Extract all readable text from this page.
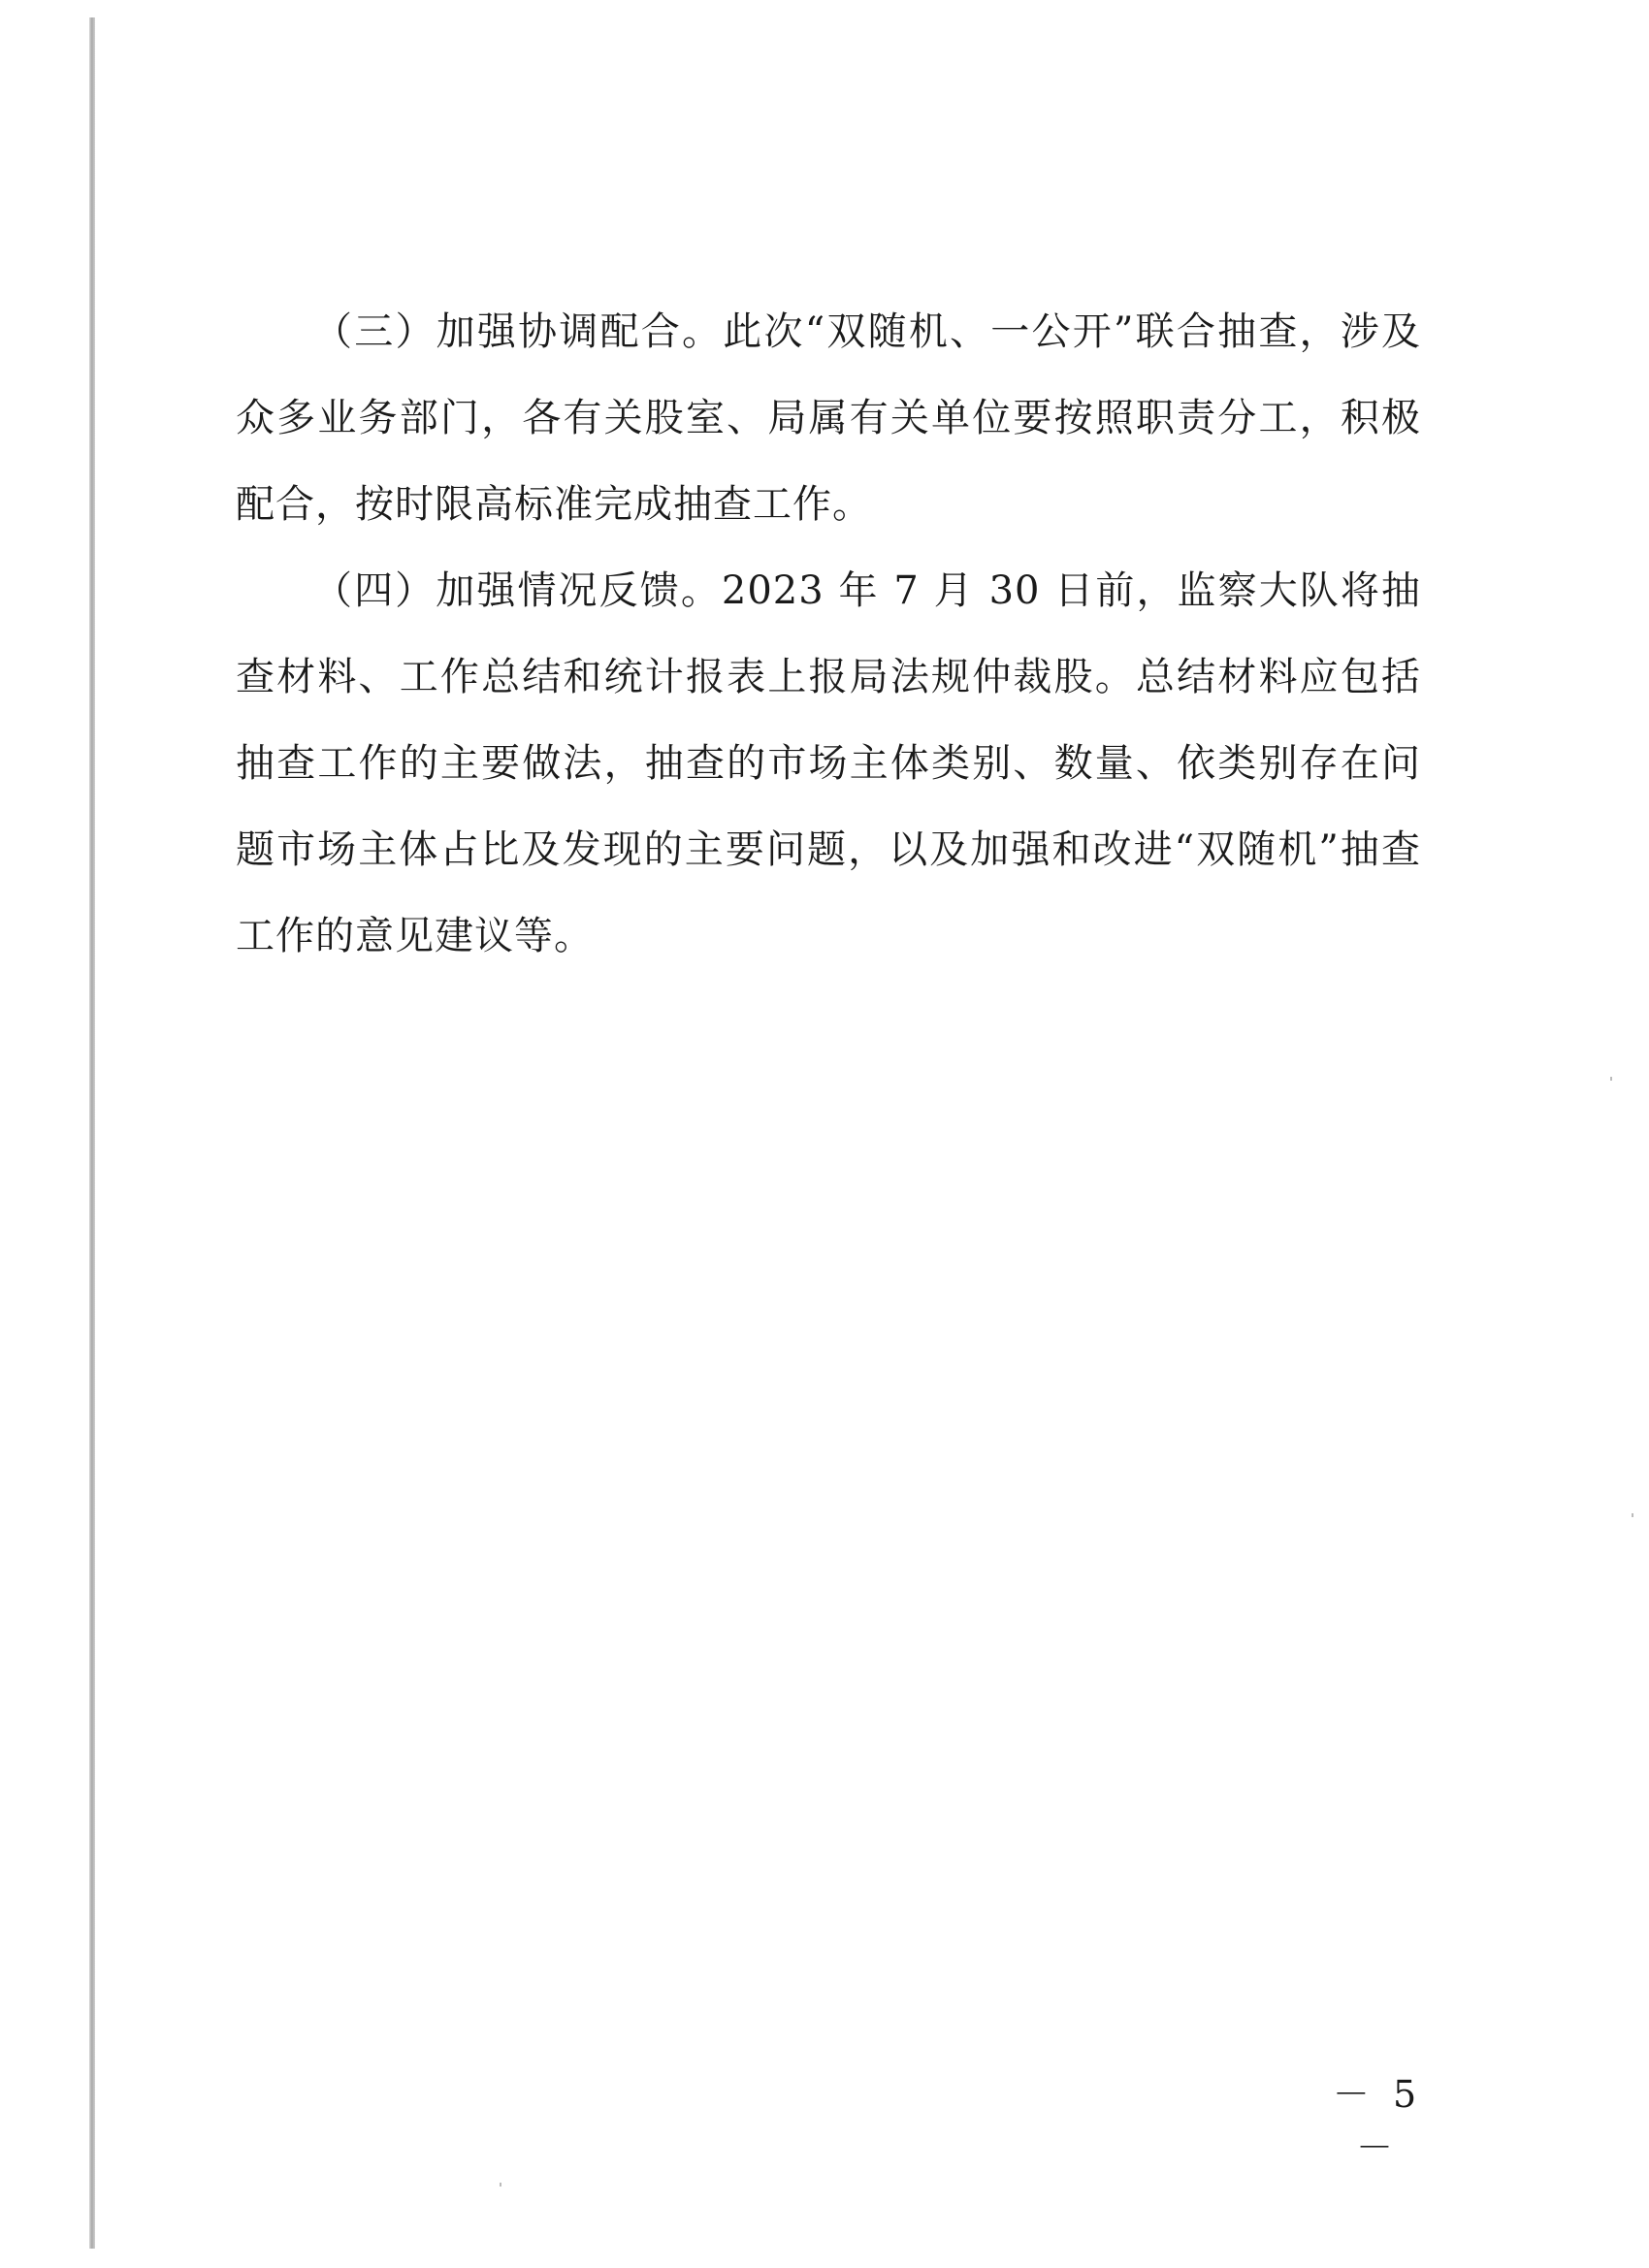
（三）加强协调配合。此次“双随机、一公开”联合抽查，涉及众多业务部门，各有关股室、局属有关单位要按照职责分工，积极配合，按时限高标准完成抽查工作。

（四）加强情况反馈。2023 年 7 月 30 日前，监察大队将抽查材料、工作总结和统计报表上报局法规仲裁股。总结材料应包括抽查工作的主要做法，抽查的市场主体类别、数量、依类别存在问题市场主体占比及发现的主要问题，以及加强和改进“双随机”抽查工作的意见建议等。

－ 5 －
